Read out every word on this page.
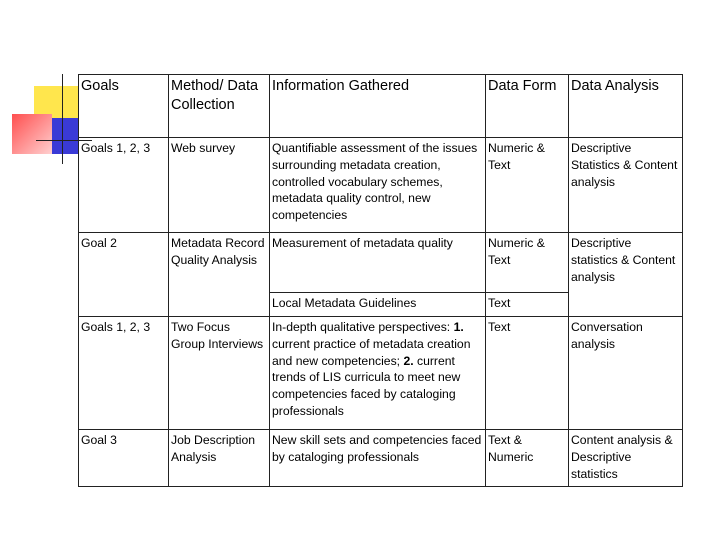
Goals	Method/ Data Collection	Information Gathered	Data Form	Data Analysis
Goals 1, 2, 3	Web survey	Quantifiable assessment of the issues surrounding metadata creation, controlled vocabulary schemes, metadata quality control, new competencies	Numeric & Text	Descriptive Statistics & Content analysis
Goal 2	Metadata Record Quality Analysis	Measurement of metadata quality	Numeric & Text	Descriptive statistics & Content analysis
		Local Metadata Guidelines	Text	
Goals 1, 2, 3	Two Focus Group Interviews	In-depth qualitative perspectives: 1. current practice of metadata creation and new competencies; 2. current trends of LIS curricula to meet new competencies faced by cataloging professionals	Text	Conversation analysis
Goal 3	Job Description Analysis	New skill sets and competencies faced by cataloging professionals	Text & Numeric	Content analysis & Descriptive statistics
